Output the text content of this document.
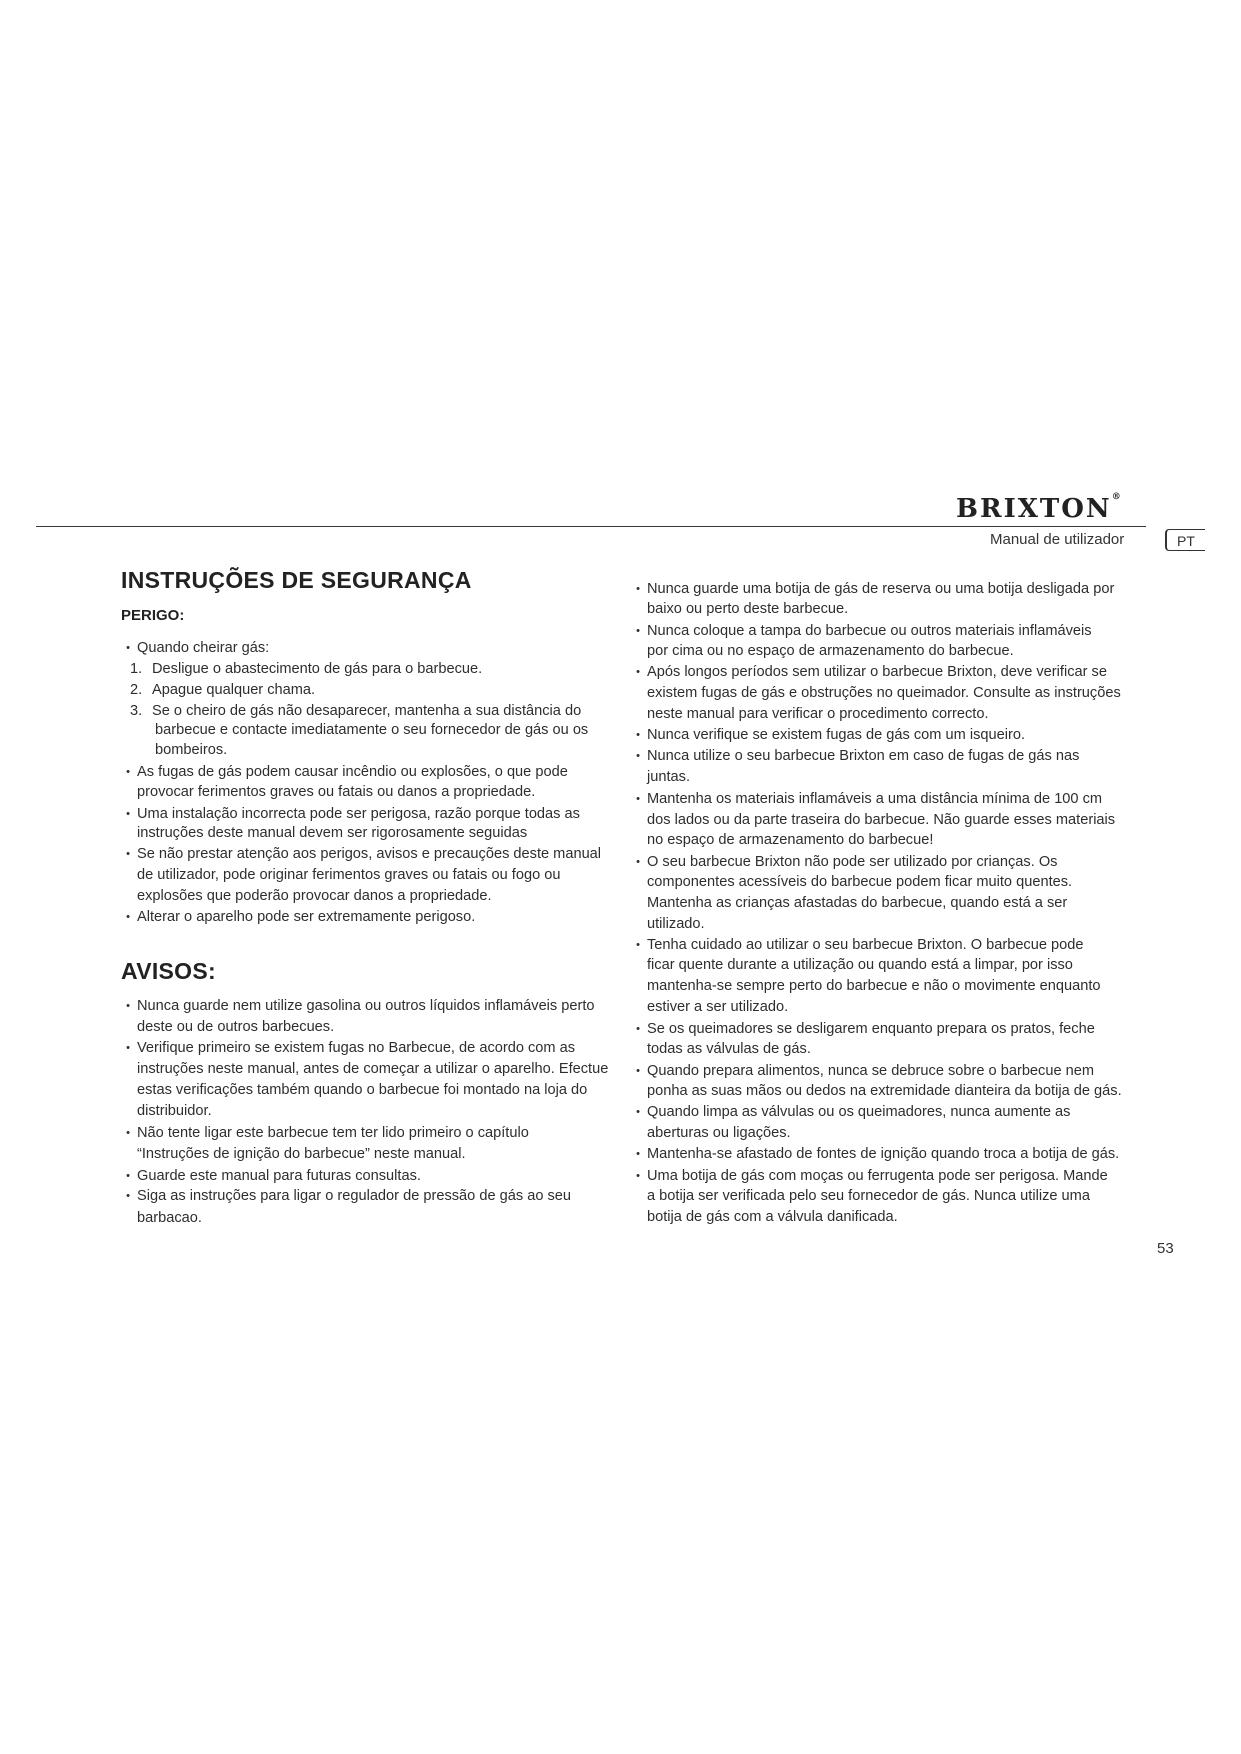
BRIXTON®
Manual de utilizador	PT
INSTRUÇÕES DE SEGURANÇA
PERIGO:
AVISOS:
• Quando cheirar gás:
1. Desligue o abastecimento de gás para o barbecue.
2. Apague qualquer chama.
3. Se o cheiro de gás não desaparecer, mantenha a sua distância do
barbecue e contacte imediatamente o seu fornecedor de gás ou os
bombeiros.
• As fugas de gás podem causar incêndio ou explosões, o que pode
provocar ferimentos graves ou fatais ou danos a propriedade.
• Uma instalação incorrecta pode ser perigosa, razão porque todas as
instruções deste manual devem ser rigorosamente seguidas
• Se não prestar atenção aos perigos, avisos e precauções deste manual
de utilizador, pode originar ferimentos graves ou fatais ou fogo ou
explosões que poderão provocar danos a propriedade.
• Alterar o aparelho pode ser extremamente perigoso.
• Nunca guarde nem utilize gasolina ou outros líquidos inflamáveis perto
deste ou de outros barbecues.
• Verifique primeiro se existem fugas no Barbecue, de acordo com as
instruções neste manual, antes de começar a utilizar o aparelho. Efectue
estas verificações também quando o barbecue foi montado na loja do
distribuidor.
• Não tente ligar este barbecue tem ter lido primeiro o capítulo
“Instruções de ignição do barbecue” neste manual.
• Guarde este manual para futuras consultas.
• Siga as instruções para ligar o regulador de pressão de gás ao seu
barbacao.
• Nunca guarde uma botija de gás de reserva ou uma botija desligada por
baixo ou perto deste barbecue.
• Nunca coloque a tampa do barbecue ou outros materiais inflamáveis
por cima ou no espaço de armazenamento do barbecue.
• Após longos períodos sem utilizar o barbecue Brixton, deve verificar se
existem fugas de gás e obstruções no queimador. Consulte as instruções
neste manual para verificar o procedimento correcto.
• Nunca verifique se existem fugas de gás com um isqueiro.
• Nunca utilize o seu barbecue Brixton em caso de fugas de gás nas
juntas.
• Mantenha os materiais inflamáveis a uma distância mínima de 100 cm
dos lados ou da parte traseira do barbecue. Não guarde esses materiais
no espaço de armazenamento do barbecue!
• O seu barbecue Brixton não pode ser utilizado por crianças. Os
componentes acessíveis do barbecue podem ficar muito quentes.
Mantenha as crianças afastadas do barbecue, quando está a ser
utilizado.
• Tenha cuidado ao utilizar o seu barbecue Brixton. O barbecue pode
ficar quente durante a utilização ou quando está a limpar, por isso
mantenha-se sempre perto do barbecue e não o movimente enquanto
estiver a ser utilizado.
• Se os queimadores se desligarem enquanto prepara os pratos, feche
todas as válvulas de gás.
• Quando prepara alimentos, nunca se debruce sobre o barbecue nem
ponha as suas mãos ou dedos na extremidade dianteira da botija de gás.
• Quando limpa as válvulas ou os queimadores, nunca aumente as
aberturas ou ligações.
• Mantenha-se afastado de fontes de ignição quando troca a botija de gás.
• Uma botija de gás com moças ou ferrugenta pode ser perigosa. Mande
a botija ser verificada pelo seu fornecedor de gás. Nunca utilize uma
botija de gás com a válvula danificada.
53
